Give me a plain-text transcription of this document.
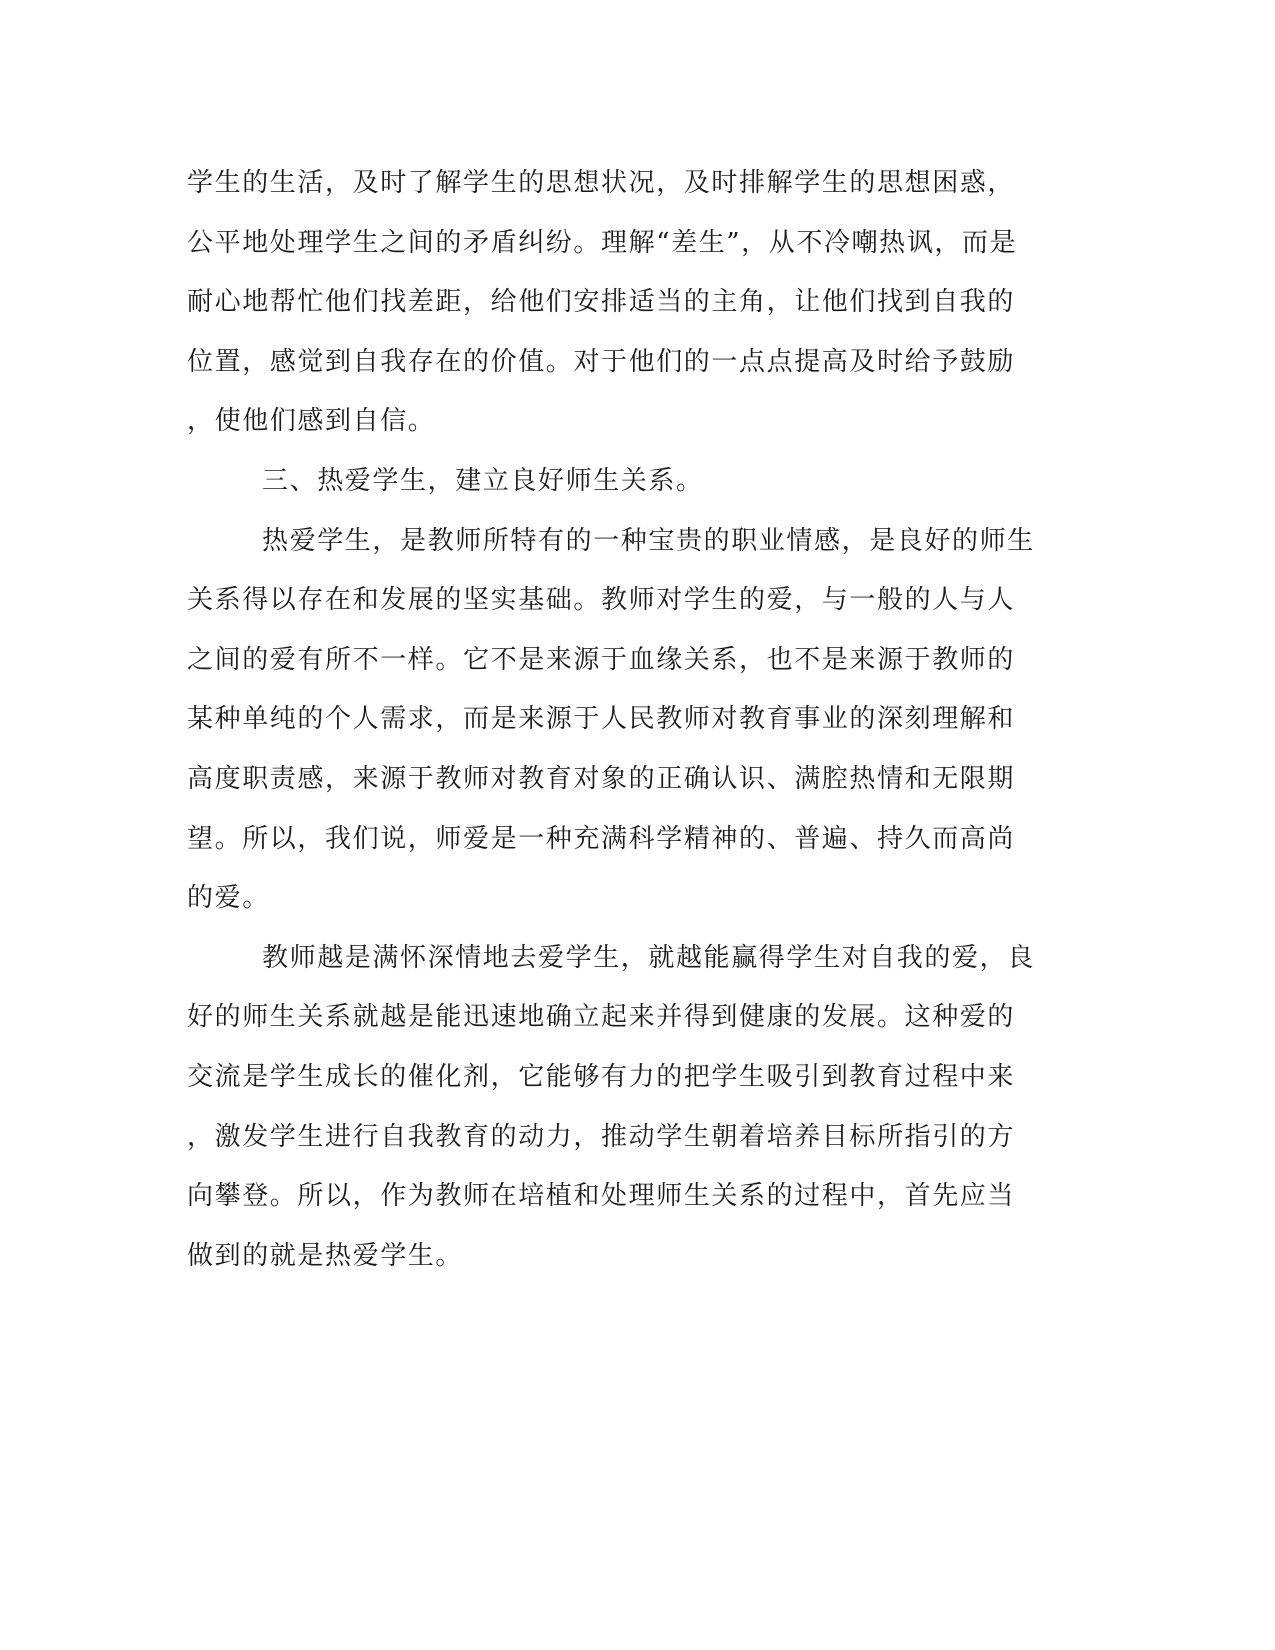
学生的生活，及时了解学生的思想状况，及时排解学生的思想困惑，
公平地处理学生之间的矛盾纠纷。理解“差生”，从不冷嘲热讽，而是
耐心地帮忙他们找差距，给他们安排适当的主角，让他们找到自我的
位置，感觉到自我存在的价值。对于他们的一点点提高及时给予鼓励
，使他们感到自信。
三、热爱学生，建立良好师生关系。
热爱学生，是教师所特有的一种宝贵的职业情感，是良好的师生
关系得以存在和发展的坚实基础。教师对学生的爱，与一般的人与人
之间的爱有所不一样。它不是来源于血缘关系，也不是来源于教师的
某种单纯的个人需求，而是来源于人民教师对教育事业的深刻理解和
高度职责感，来源于教师对教育对象的正确认识、满腔热情和无限期
望。所以，我们说，师爱是一种充满科学精神的、普遍、持久而高尚
的爱。
教师越是满怀深情地去爱学生，就越能赢得学生对自我的爱，良
好的师生关系就越是能迅速地确立起来并得到健康的发展。这种爱的
交流是学生成长的催化剂，它能够有力的把学生吸引到教育过程中来
，激发学生进行自我教育的动力，推动学生朝着培养目标所指引的方
向攀登。所以，作为教师在培植和处理师生关系的过程中，首先应当
做到的就是热爱学生。
